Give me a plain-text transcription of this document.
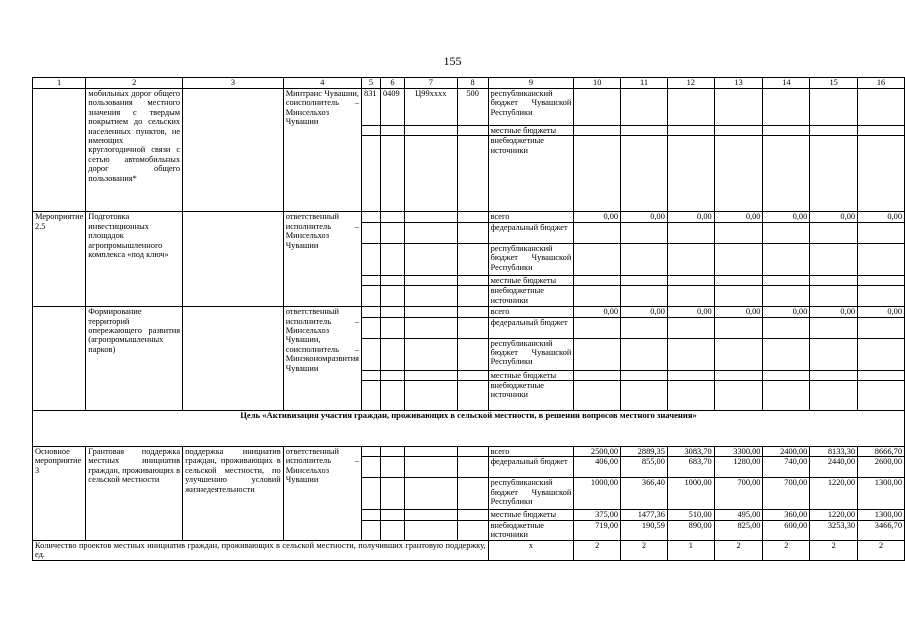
155
1	2	3	4	5	6	7	8	9	10	11	12	13	14	15	16
	мобильных дорог общего пользования местного значения с твердым покрытием до сельских населенных пунктов, не имеющих круглогодичной связи с сетью автомобильных дорог общего пользования*		Минтранс Чувашии, соисполнитель – Минсельхоз Чувашии	831	0409	Ц99хххх	500	республиканский бюджет Чувашской Республики							
								местные бюджеты							
								внебюджетные источники							
Мероприятие 2.5	Подготовка инвестиционных площадок агропромышленного комплекса «под ключ»		ответственный исполнитель – Минсельхоз Чувашии					всего	0,00	0,00	0,00	0,00	0,00	0,00	0,00
								федеральный бюджет							
								республиканский бюджет Чувашской Республики							
								местные бюджеты							
								внебюджетные источники							
	Формирование территорий опережающего развития (агропромышленных парков)		ответственный исполнитель – Минсельхоз Чувашии, соисполнитель – Минэкономразвития Чувашии					всего	0,00	0,00	0,00	0,00	0,00	0,00	0,00
								федеральный бюджет							
								республиканский бюджет Чувашской Республики							
								местные бюджеты							
								внебюджетные источники							
Цель «Активизация участия граждан, проживающих в сельской местности, в решении вопросов местного значения»															
Основное мероприятие 3	Грантовая поддержка местных инициатив граждан, проживающих в сельской местности	поддержка инициатив граждан, проживающих в сельской местности, по улучшению условий жизнедеятельности	ответственный исполнитель – Минсельхоз Чувашии					всего	2500,00	2889,35	3083,70	3300,00	2400,00	8133,30	8666,70
								федеральный бюджет	406,00	855,00	683,70	1280,00	740,00	2440,00	2600,00
								республиканский бюджет Чувашской Республики	1000,00	366,40	1000,00	700,00	700,00	1220,00	1300,00
								местные бюджеты	375,00	1477,36	510,00	495,00	360,00	1220,00	1300,00
								внебюджетные источники	719,00	190,59	890,00	825,00	600,00	3253,30	3466,70
Количество проектов местных инициатив граждан, проживающих в сельской местности, получивших грантовую поддержку, ед.								х	2	2	1	2	2	2	2
